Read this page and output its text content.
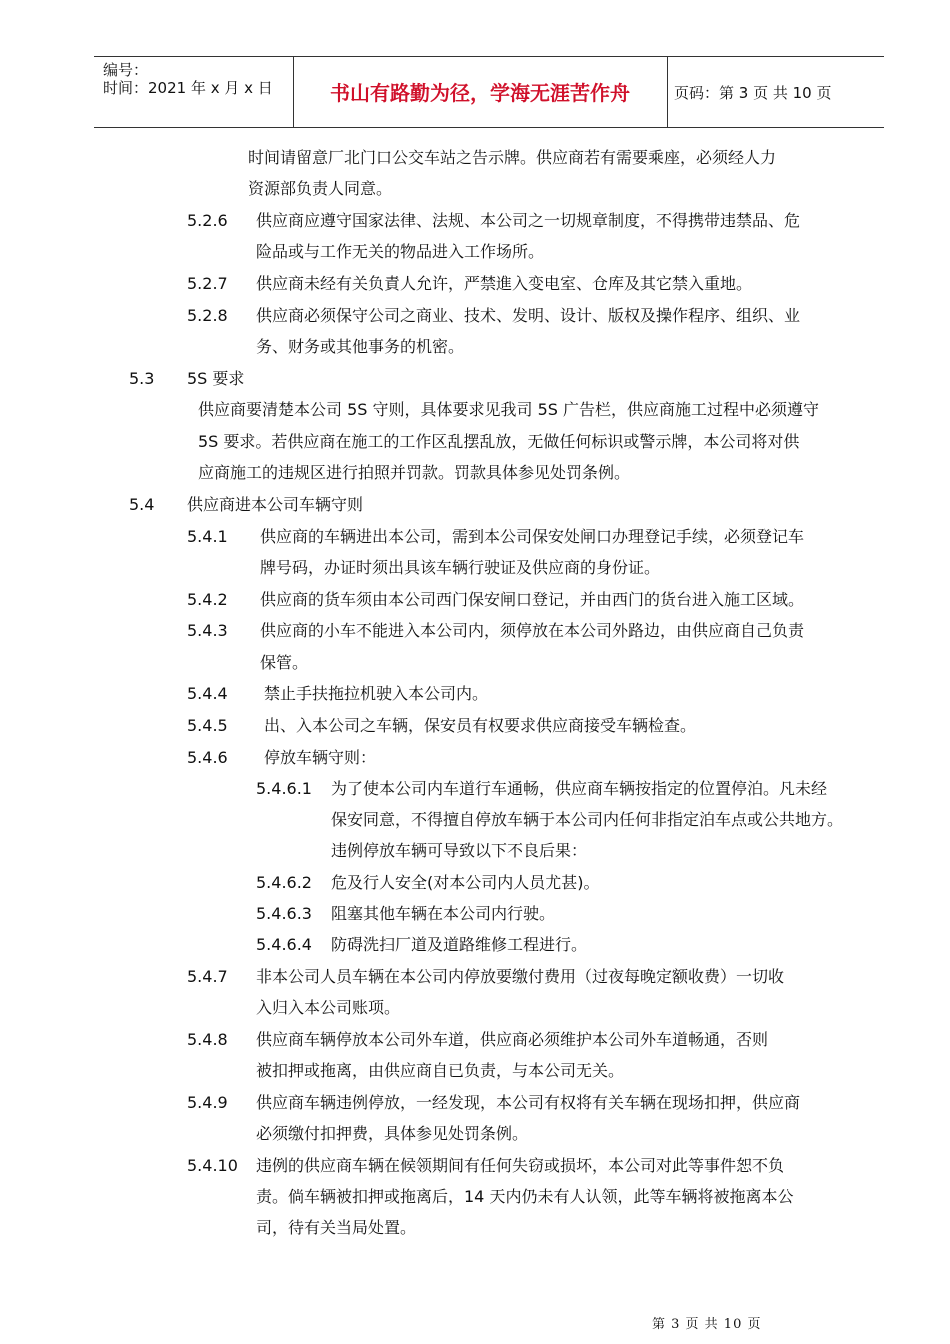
编号：
时间：2021 年 x 月 x 日	书山有路勤为径，学海无涯苦作舟	页码：第 3 页 共 10 页
时间请留意厂北门口公交车站之告示牌。供应商若有需要乘座，必须经人力
资源部负责人同意。
5.2.6 供应商应遵守国家法律、法规、本公司之一切规章制度，不得携带违禁品、危
险品或与工作无关的物品进入工作场所。
5.2.7 供应商未经有关负責人允许，严禁進入变电室、仓库及其它禁入重地。
5.2.8 供应商必须保守公司之商业、技术、发明、设计、版权及操作程序、组织、业
务、财务或其他事务的机密。
5.3 5S 要求
供应商要清楚本公司 5S 守则，具体要求见我司 5S 广告栏，供应商施工过程中必须遵守
5S 要求。若供应商在施工的工作区乱摆乱放，无做任何标识或警示牌，本公司将对供
应商施工的违规区进行拍照并罚款。罚款具体参见处罚条例。
5.4 供应商进本公司车辆守则
5.4.1 供应商的车辆进出本公司，需到本公司保安处闸口办理登记手续，必须登记车
牌号码，办证时须出具该车辆行驶证及供应商的身份证。
5.4.2 供应商的货车须由本公司西门保安闸口登记，并由西门的货台进入施工区域。
5.4.3 供应商的小车不能进入本公司内，须停放在本公司外路边，由供应商自己负责
保管。
5.4.4 禁止手扶拖拉机驶入本公司内。
5.4.5 出、入本公司之车辆，保安员有权要求供应商接受车辆检查。
5.4.6 停放车辆守则：
5.4.6.1 为了使本公司内车道行车通畅，供应商车辆按指定的位置停泊。凡未经
保安同意，不得擅自停放车辆于本公司内任何非指定泊车点或公共地方。
违例停放车辆可导致以下不良后果：
5.4.6.2 危及行人安全(对本公司内人员尤甚)。
5.4.6.3 阻塞其他车辆在本公司内行驶。
5.4.6.4 防碍洗扫厂道及道路维修工程进行。
5.4.7 非本公司人员车辆在本公司内停放要缴付费用（过夜每晚定额收费）一切收
入归入本公司账项。
5.4.8 供应商车辆停放本公司外车道，供应商必须维护本公司外车道畅通，否则
被扣押或拖离，由供应商自已负责，与本公司无关。
5.4.9 供应商车辆违例停放，一经发现，本公司有权将有关车辆在现场扣押，供应商
必须缴付扣押费，具体参见处罚条例。
5.4.10 违例的供应商车辆在候领期间有任何失窃或损坏，本公司对此等事件恕不负
责。倘车辆被扣押或拖离后，14 天内仍未有人认领，此等车辆将被拖离本公
司，待有关当局处置。
第 3 页 共 10 页
